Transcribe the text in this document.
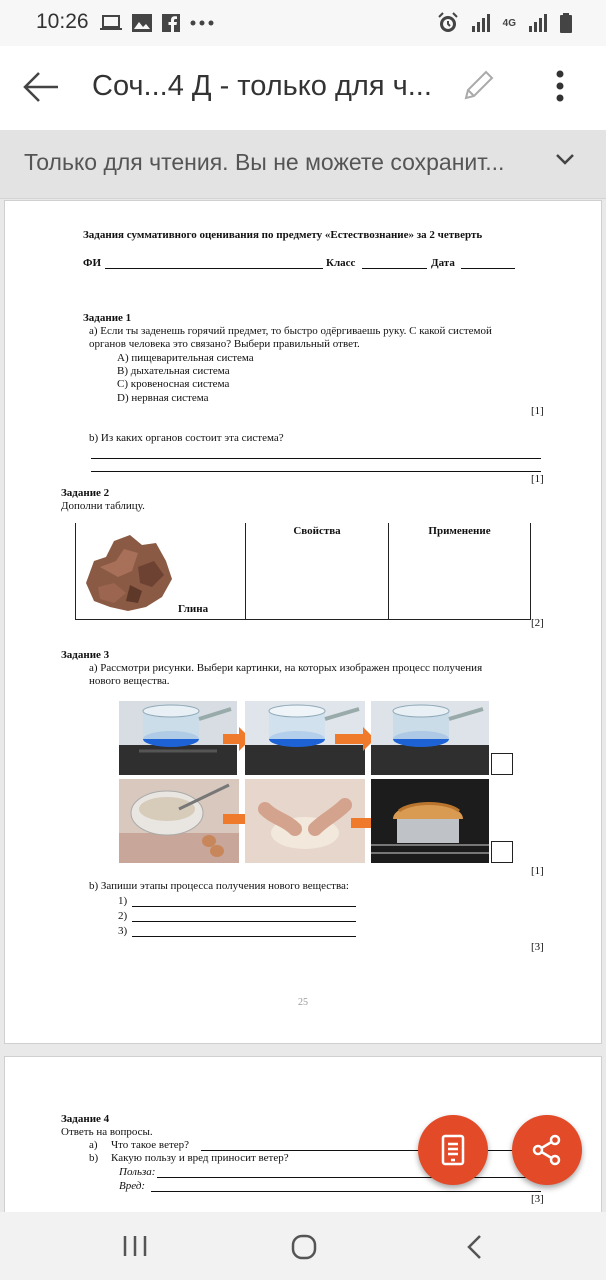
10:26	4G
Соч...4 Д - только для ч...
Только для чтения. Вы не можете сохранит...
Задания суммативного оценивания по предмету «Естествознание» за 2 четверть
ФИ	Класс	Дата
Задание 1
a) Если ты заденешь горячий предмет, то быстро одёргиваешь руку. С какой системой
органов человека это связано? Выбери правильный ответ.
A) пищеварительная система
B) дыхательная система
C) кровеносная система
D) нервная система
[1]
b) Из каких органов состоит эта система?
[1]
Задание 2
Дополни таблицу.
Свойства	Применение
Глина
[2]
Задание 3
a) Рассмотри рисунки. Выбери картинки, на которых изображен процесс получения
нового вещества.
[1]
b) Запиши этапы процесса получения нового вещества:
1)
2)
3)
[3]
25
Задание 4
Ответь на вопросы.
a) Что такое ветер?
b) Какую пользу и вред приносит ветер?
Польза:
Вред:
[3]
